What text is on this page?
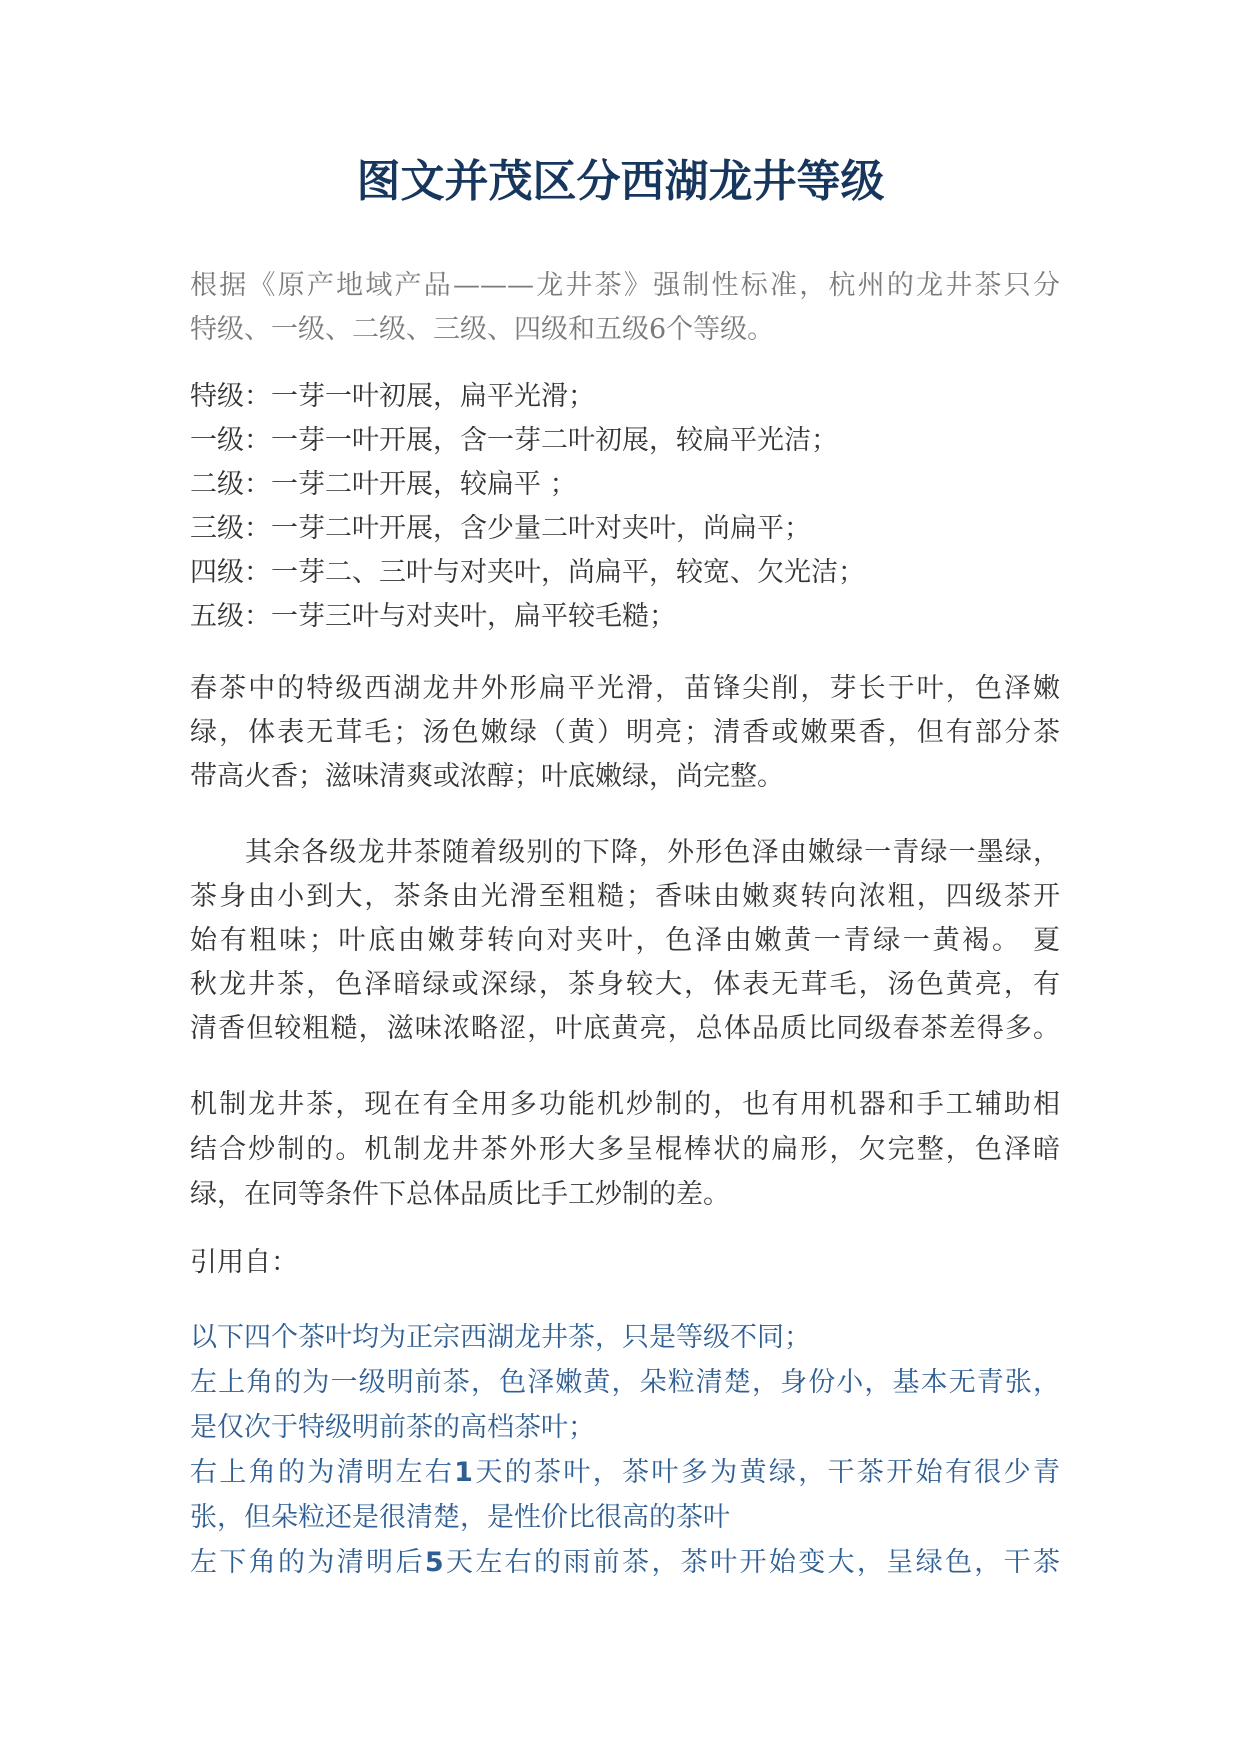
图文并茂区分西湖龙井等级
根据《原产地域产品———龙井茶》强制性标准，杭州的龙井茶只分
特级、一级、二级、三级、四级和五级6个等级。
特级：一芽一叶初展，扁平光滑；
一级：一芽一叶开展，含一芽二叶初展，较扁平光洁；
二级：一芽二叶开展，较扁平 ；
三级：一芽二叶开展，含少量二叶对夹叶，尚扁平；
四级：一芽二、三叶与对夹叶，尚扁平，较宽、欠光洁；
五级：一芽三叶与对夹叶，扁平较毛糙；
春茶中的特级西湖龙井外形扁平光滑，苗锋尖削，芽长于叶，色泽嫩
绿，体表无茸毛；汤色嫩绿（黄）明亮；清香或嫩栗香，但有部分茶
带高火香；滋味清爽或浓醇；叶底嫩绿，尚完整。
其余各级龙井茶随着级别的下降，外形色泽由嫩绿一青绿一墨绿，
茶身由小到大，茶条由光滑至粗糙；香味由嫩爽转向浓粗，四级茶开
始有粗味；叶底由嫩芽转向对夹叶，色泽由嫩黄一青绿一黄褐。 夏
秋龙井茶，色泽暗绿或深绿，茶身较大，体表无茸毛，汤色黄亮，有
清香但较粗糙，滋味浓略涩，叶底黄亮，总体品质比同级春茶差得多。
机制龙井茶，现在有全用多功能机炒制的，也有用机器和手工辅助相
结合炒制的。机制龙井茶外形大多呈棍棒状的扁形，欠完整，色泽暗
绿，在同等条件下总体品质比手工炒制的差。
引用自：
以下四个茶叶均为正宗西湖龙井茶，只是等级不同；
左上角的为一级明前茶，色泽嫩黄，朵粒清楚，身份小，基本无青张，
是仅次于特级明前茶的高档茶叶；
右上角的为清明左右1天的茶叶，茶叶多为黄绿，干茶开始有很少青
张，但朵粒还是很清楚，是性价比很高的茶叶
左下角的为清明后5天左右的雨前茶，茶叶开始变大，呈绿色，干茶
